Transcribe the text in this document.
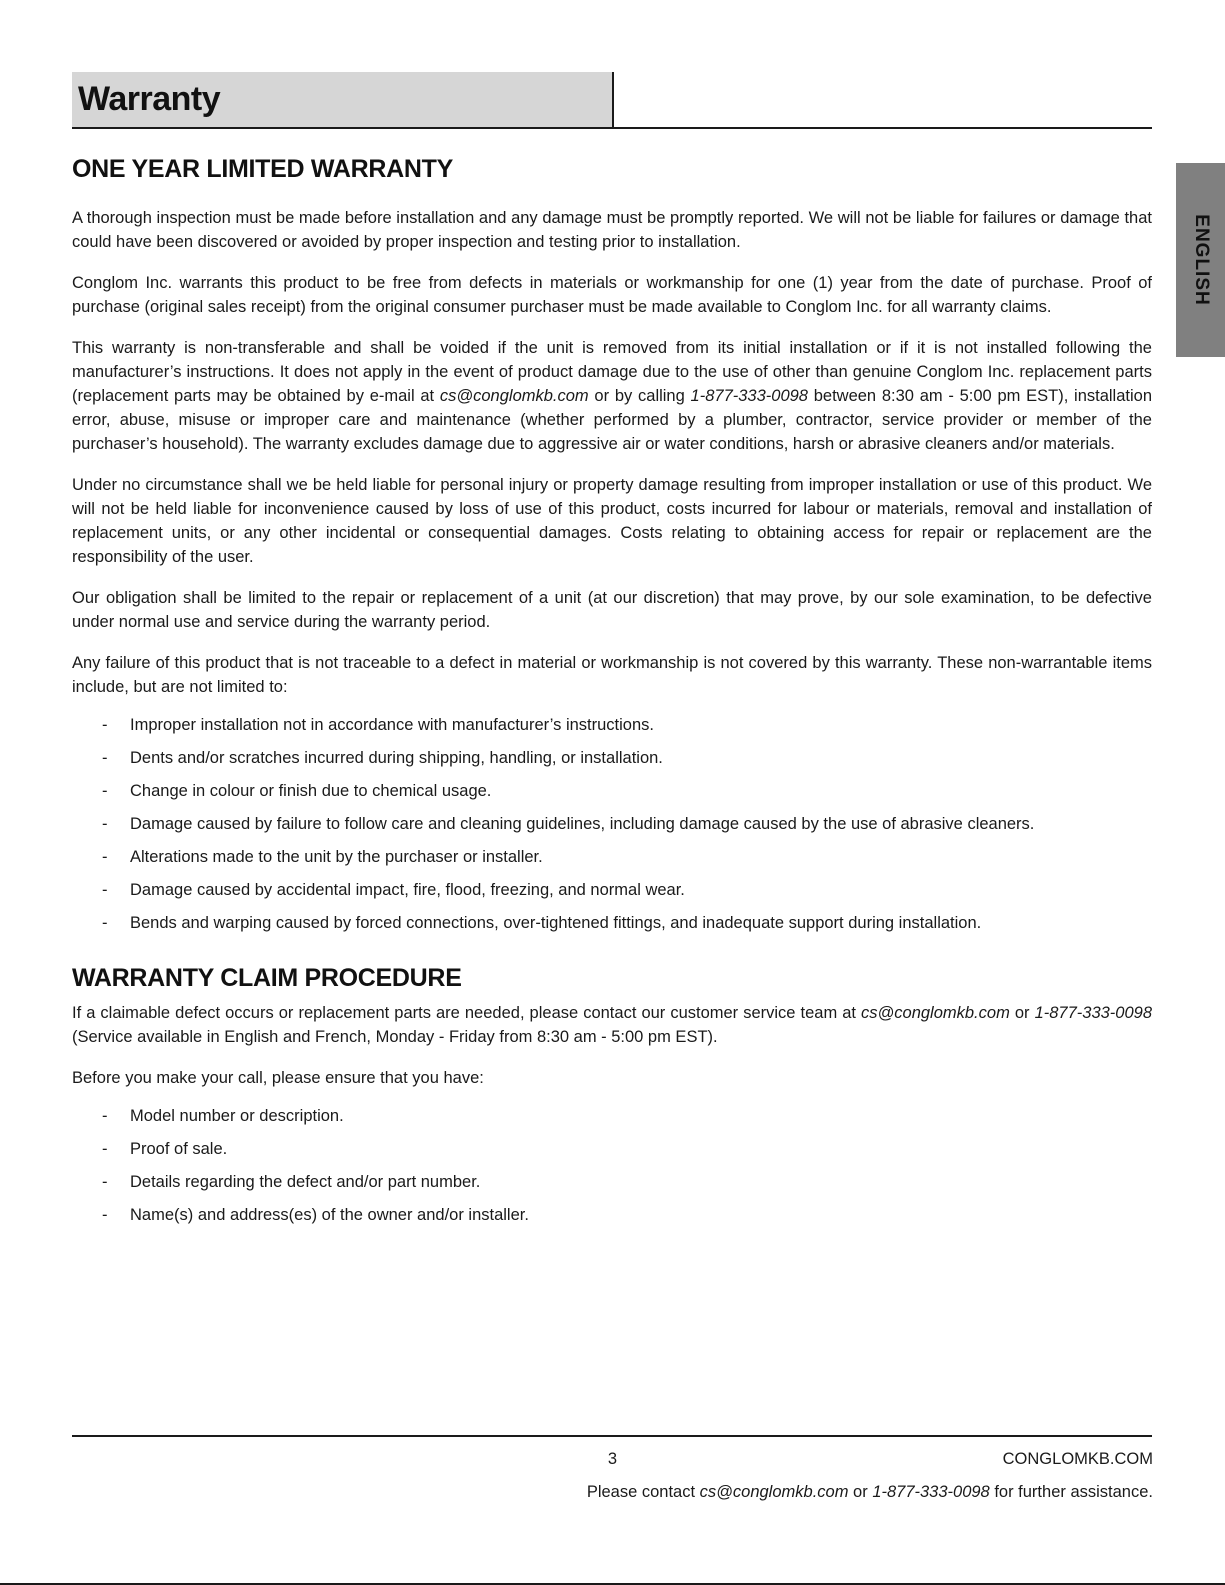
Warranty
ENGLISH
ONE YEAR LIMITED WARRANTY

A thorough inspection must be made before installation and any damage must be promptly reported. We will not be liable for failures or damage that could have been discovered or avoided by proper inspection and testing prior to installation.

Conglom Inc. warrants this product to be free from defects in materials or workmanship for one (1) year from the date of purchase. Proof of purchase (original sales receipt) from the original consumer purchaser must be made available to Conglom Inc. for all warranty claims.

This warranty is non-transferable and shall be voided if the unit is removed from its initial installation or if it is not installed following the manufacturer’s instructions. It does not apply in the event of product damage due to the use of other than genuine Conglom Inc. replacement parts (replacement parts may be obtained by e-mail at cs@conglomkb.com or by calling 1-877-333-0098 between 8:30 am - 5:00 pm EST), installation error, abuse, misuse or improper care and maintenance (whether performed by a plumber, contractor, service provider or member of the purchaser’s household). The warranty excludes damage due to aggressive air or water conditions, harsh or abrasive cleaners and/or materials.

Under no circumstance shall we be held liable for personal injury or property damage resulting from improper installation or use of this product. We will not be held liable for inconvenience caused by loss of use of this product, costs incurred for labour or materials, removal and installation of replacement units, or any other incidental or consequential damages. Costs relating to obtaining access for repair or replacement are the responsibility of the user.

Our obligation shall be limited to the repair or replacement of a unit (at our discretion) that may prove, by our sole examination, to be defective under normal use and service during the warranty period.

Any failure of this product that is not traceable to a defect in material or workmanship is not covered by this warranty. These non-warrantable items include, but are not limited to:

- Improper installation not in accordance with manufacturer’s instructions.
- Dents and/or scratches incurred during shipping, handling, or installation.
- Change in colour or finish due to chemical usage.
- Damage caused by failure to follow care and cleaning guidelines, including damage caused by the use of abrasive cleaners.
- Alterations made to the unit by the purchaser or installer.
- Damage caused by accidental impact, fire, flood, freezing, and normal wear.
- Bends and warping caused by forced connections, over-tightened fittings, and inadequate support during installation.
WARRANTY CLAIM PROCEDURE

If a claimable defect occurs or replacement parts are needed, please contact our customer service team at cs@conglomkb.com or 1-877-333-0098 (Service available in English and French, Monday - Friday from 8:30 am - 5:00 pm EST).

Before you make your call, please ensure that you have:

- Model number or description.
- Proof of sale.
- Details regarding the defect and/or part number.
- Name(s) and address(es) of the owner and/or installer.
3	CONGLOMKB.COM
Please contact cs@conglomkb.com or 1-877-333-0098 for further assistance.
